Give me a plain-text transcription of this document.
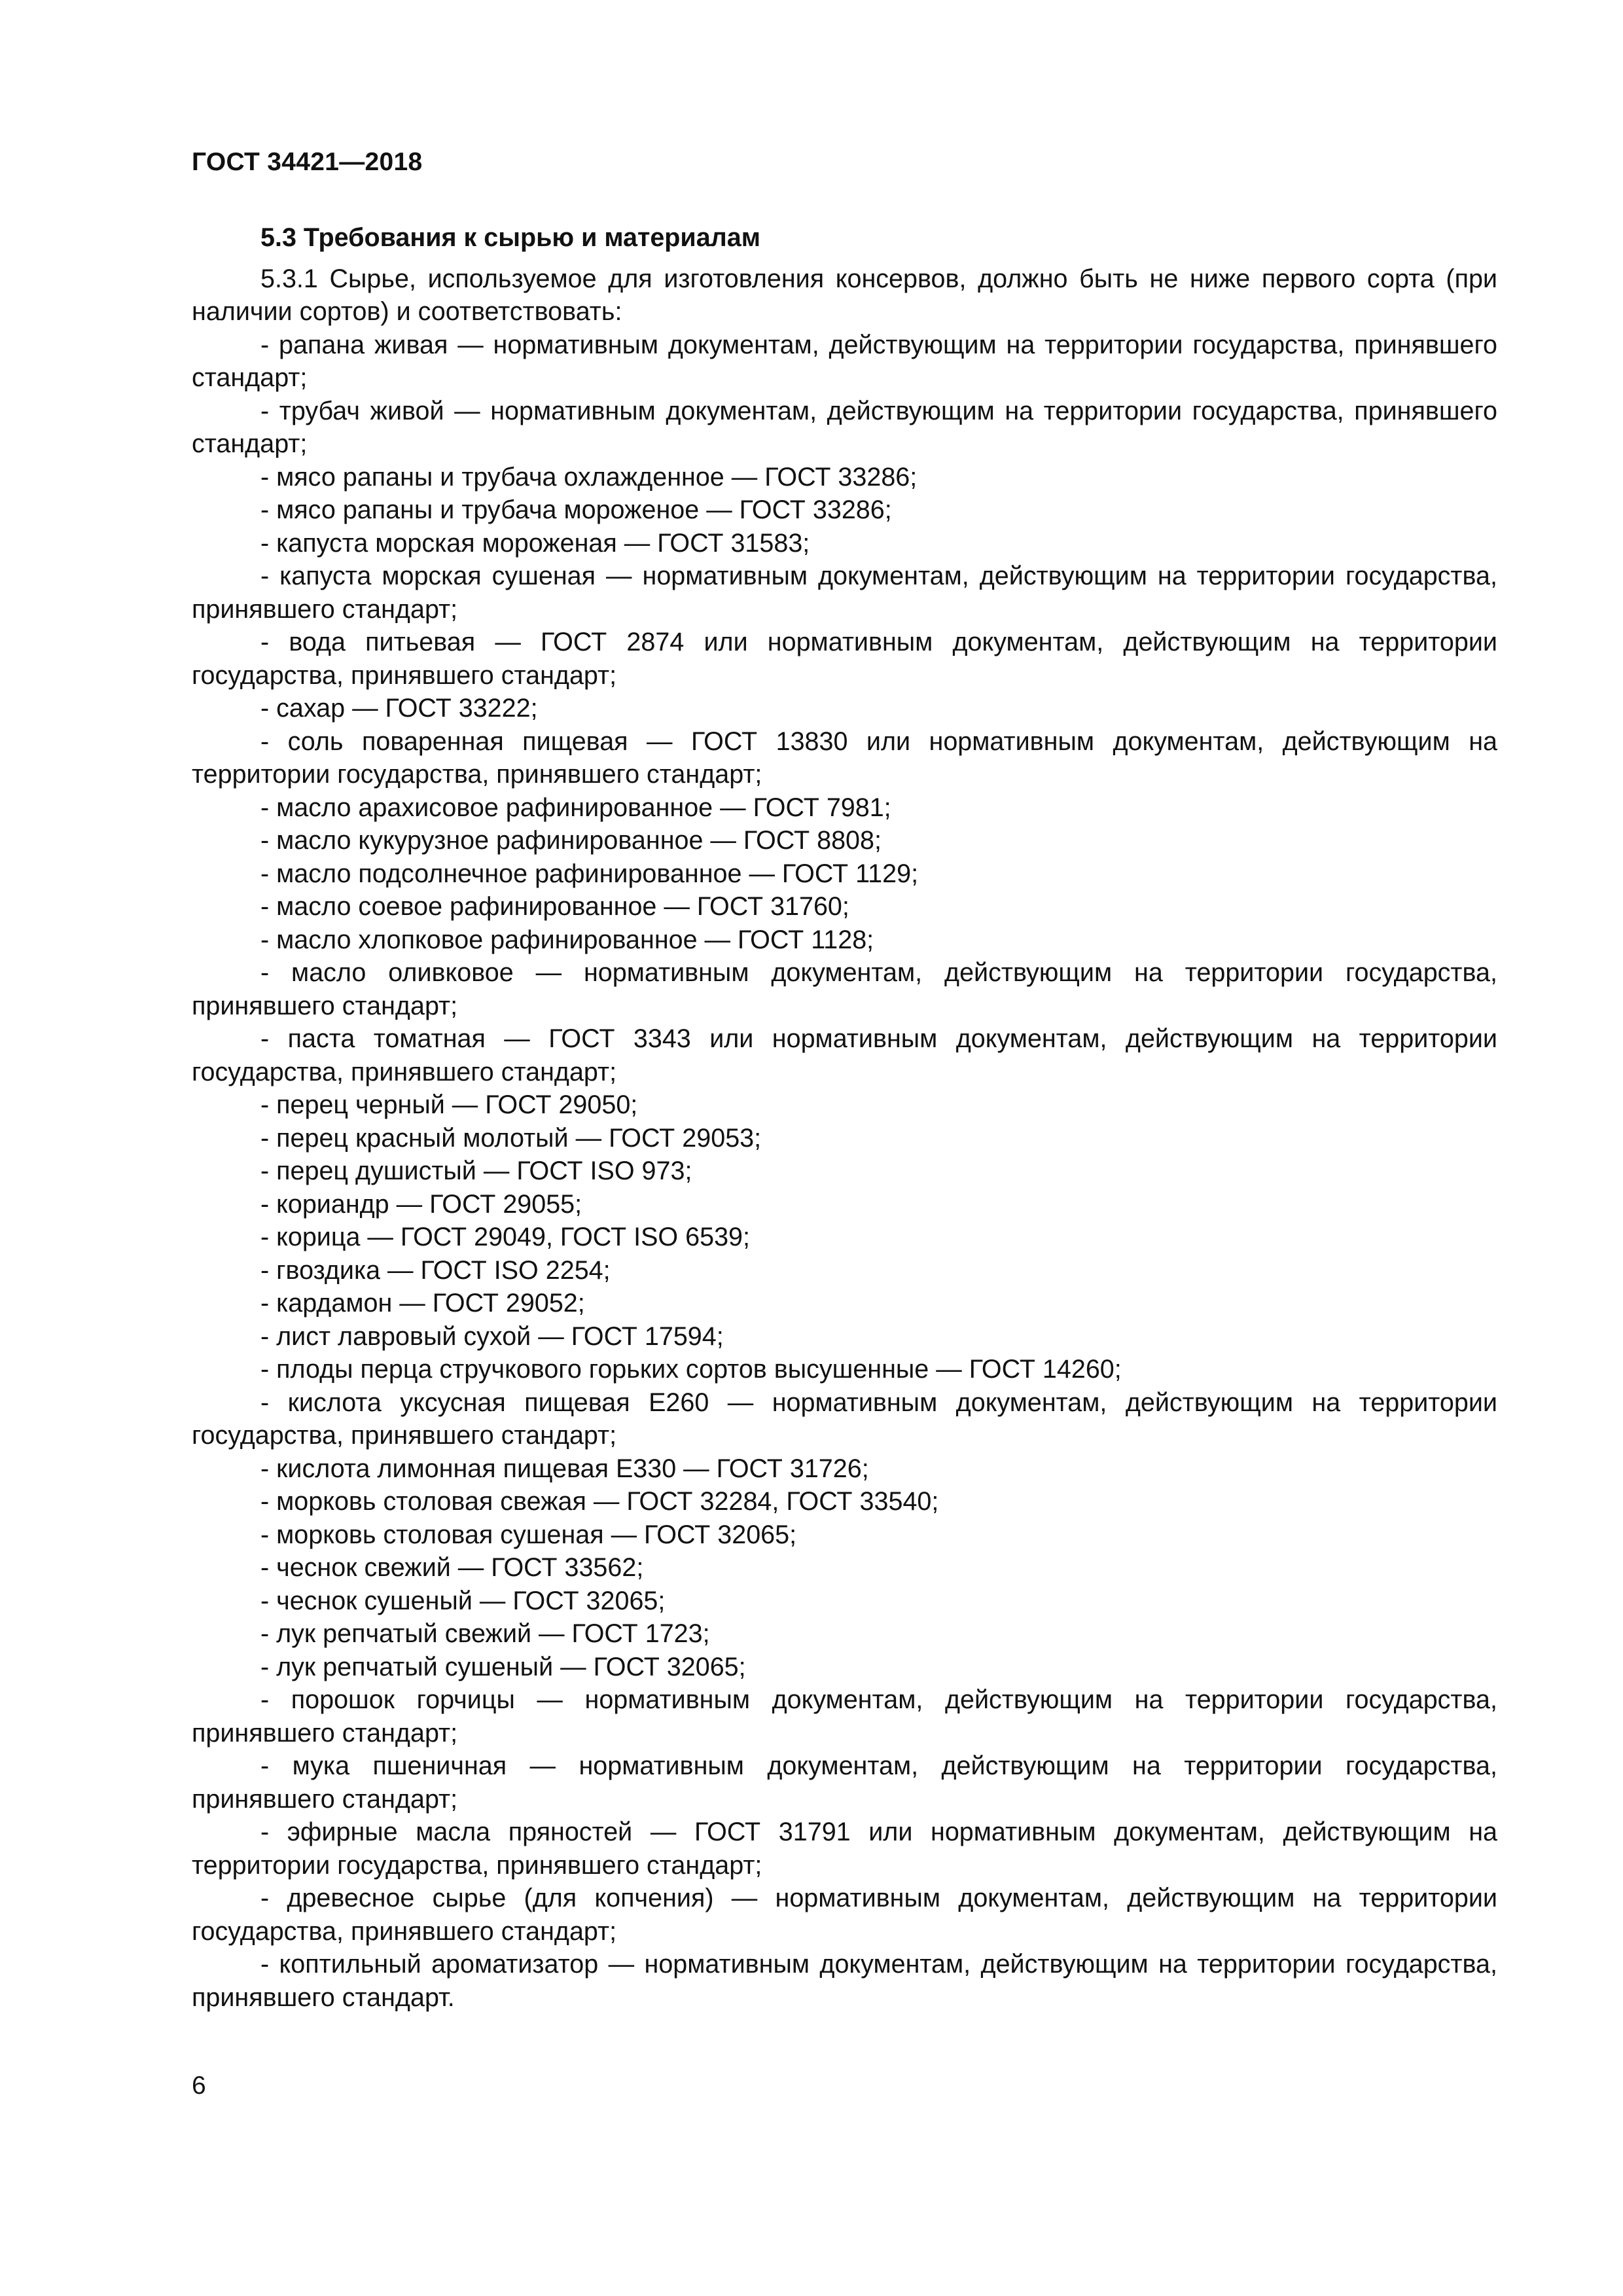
ГОСТ 34421—2018

5.3 Требования к сырью и материалам

5.3.1 Сырье, используемое для изготовления консервов, должно быть не ниже первого сорта (при наличии сортов) и соответствовать:

- рапана живая — нормативным документам, действующим на территории государства, принявшего стандарт;

- трубач живой — нормативным документам, действующим на территории государства, принявшего стандарт;

- мясо рапаны и трубача охлажденное — ГОСТ 33286;

- мясо рапаны и трубача мороженое — ГОСТ 33286;

- капуста морская мороженая — ГОСТ 31583;

- капуста морская сушеная — нормативным документам, действующим на территории государства, принявшего стандарт;

- вода питьевая — ГОСТ 2874 или нормативным документам, действующим на территории государства, принявшего стандарт;

- сахар — ГОСТ 33222;

- соль поваренная пищевая — ГОСТ 13830 или нормативным документам, действующим на территории государства, принявшего стандарт;

- масло арахисовое рафинированное — ГОСТ 7981;

- масло кукурузное рафинированное — ГОСТ 8808;

- масло подсолнечное рафинированное — ГОСТ 1129;

- масло соевое рафинированное — ГОСТ 31760;

- масло хлопковое рафинированное — ГОСТ 1128;

- масло оливковое — нормативным документам, действующим на территории государства, принявшего стандарт;

- паста томатная — ГОСТ 3343 или нормативным документам, действующим на территории государства, принявшего стандарт;

- перец черный — ГОСТ 29050;

- перец красный молотый — ГОСТ 29053;

- перец душистый — ГОСТ ISO 973;

- кориандр — ГОСТ 29055;

- корица — ГОСТ 29049, ГОСТ ISO 6539;

- гвоздика — ГОСТ ISO 2254;

- кардамон — ГОСТ 29052;

- лист лавровый сухой — ГОСТ 17594;

- плоды перца стручкового горьких сортов высушенные — ГОСТ 14260;

- кислота уксусная пищевая Е260 — нормативным документам, действующим на территории государства, принявшего стандарт;

- кислота лимонная пищевая Е330 — ГОСТ 31726;

- морковь столовая свежая — ГОСТ 32284, ГОСТ 33540;

- морковь столовая сушеная — ГОСТ 32065;

- чеснок свежий — ГОСТ 33562;

- чеснок сушеный — ГОСТ 32065;

- лук репчатый свежий — ГОСТ 1723;

- лук репчатый сушеный — ГОСТ 32065;

- порошок горчицы — нормативным документам, действующим на территории государства, принявшего стандарт;

- мука пшеничная — нормативным документам, действующим на территории государства, принявшего стандарт;

- эфирные масла пряностей — ГОСТ 31791 или нормативным документам, действующим на территории государства, принявшего стандарт;

- древесное сырье (для копчения) — нормативным документам, действующим на территории государства, принявшего стандарт;

- коптильный ароматизатор — нормативным документам, действующим на территории государства, принявшего стандарт.

6
